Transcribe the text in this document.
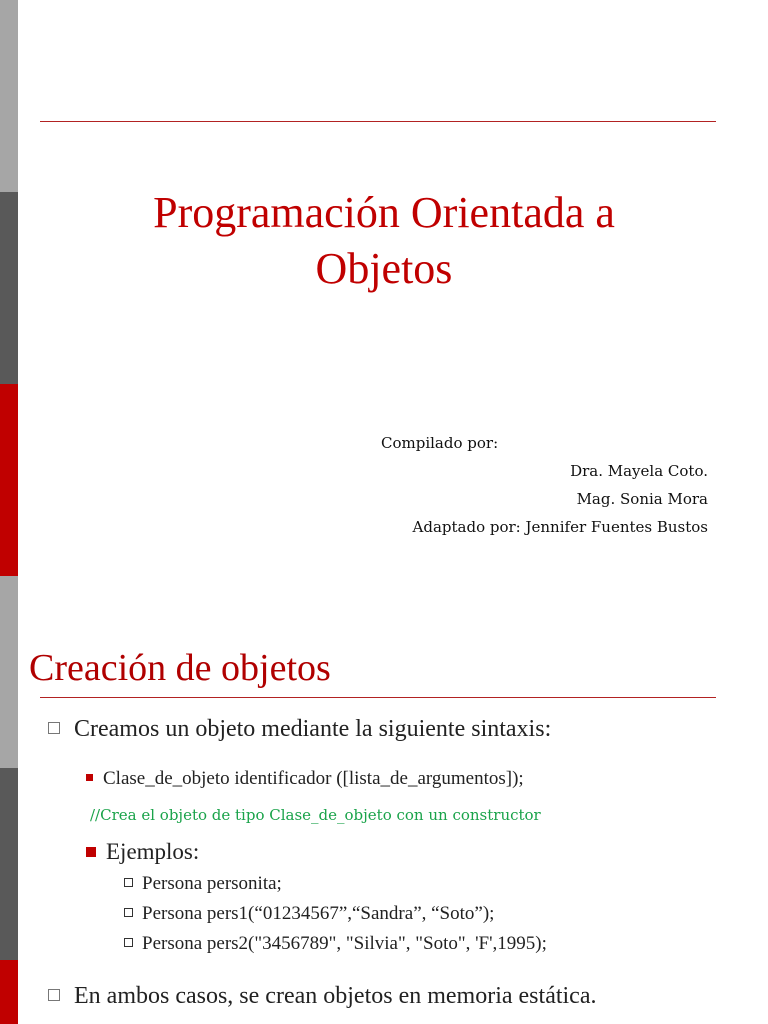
Programación Orientada a
Objetos
Compilado por:
Dra. Mayela Coto.
Mag. Sonia Mora
Adaptado por: Jennifer Fuentes Bustos
Creación de objetos
Creamos un objeto mediante la siguiente sintaxis:
Clase_de_objeto identificador ([lista_de_argumentos]);
//Crea el objeto de tipo Clase_de_objeto con un constructor
Ejemplos:
Persona personita;
Persona pers1(“01234567”,“Sandra”, “Soto”);
Persona pers2("3456789", "Silvia", "Soto", 'F',1995);
En ambos casos, se crean objetos en memoria estática.
